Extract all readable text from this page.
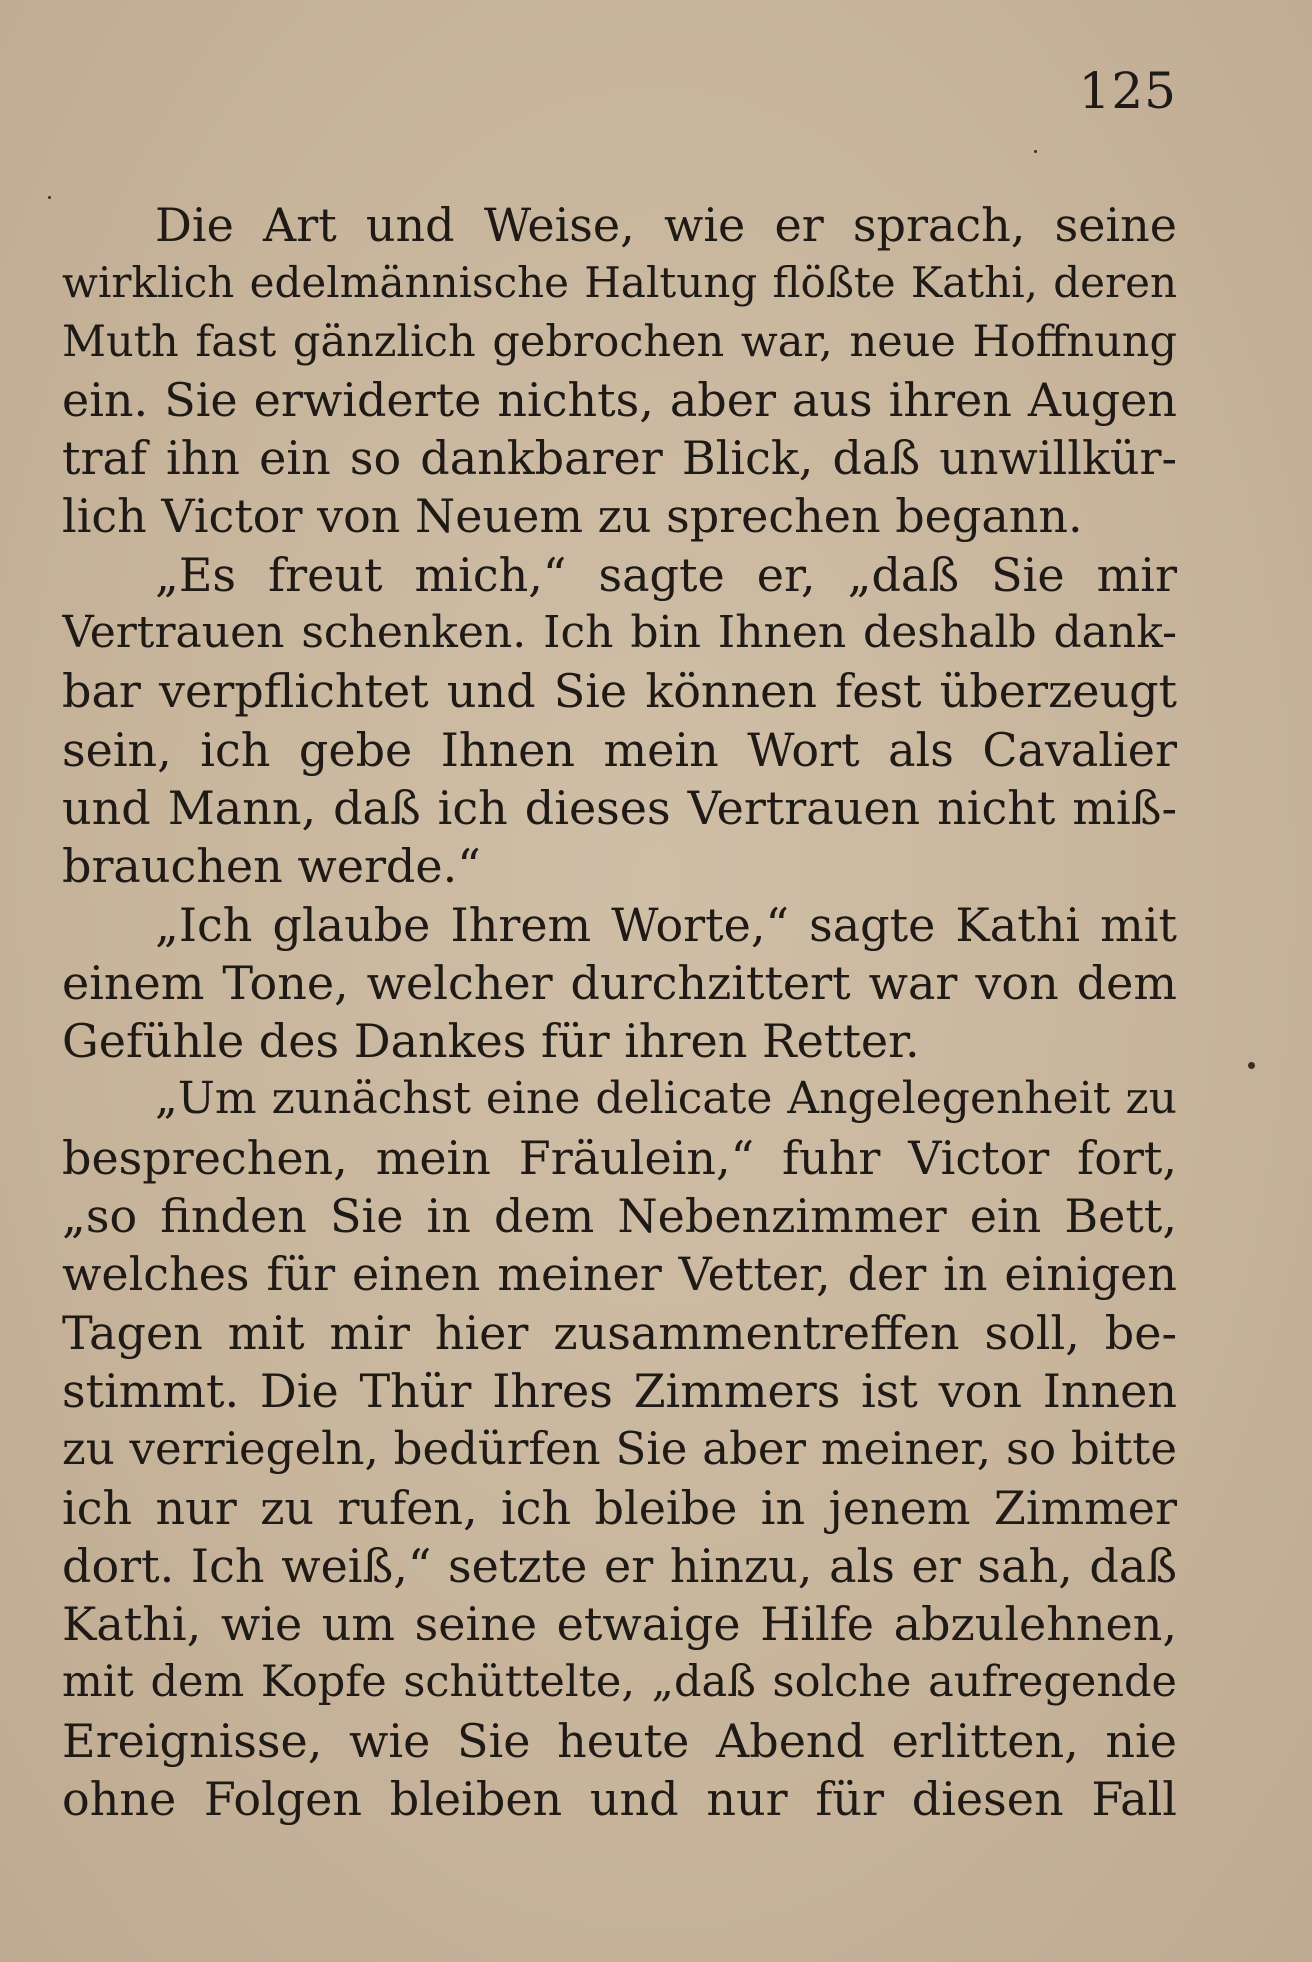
125
Die Art und Weise, wie er sprach, seine
wirklich edelmännische Haltung flößte Kathi, deren
Muth fast gänzlich gebrochen war, neue Hoffnung
ein. Sie erwiderte nichts, aber aus ihren Augen
traf ihn ein so dankbarer Blick, daß unwillkür-
lich Victor von Neuem zu sprechen begann.
„Es freut mich,“ sagte er, „daß Sie mir
Vertrauen schenken. Ich bin Ihnen deshalb dank-
bar verpflichtet und Sie können fest überzeugt
sein, ich gebe Ihnen mein Wort als Cavalier
und Mann, daß ich dieses Vertrauen nicht miß-
brauchen werde.“
„Ich glaube Ihrem Worte,“ sagte Kathi mit
einem Tone, welcher durchzittert war von dem
Gefühle des Dankes für ihren Retter.
„Um zunächst eine delicate Angelegenheit zu
besprechen, mein Fräulein,“ fuhr Victor fort,
„so finden Sie in dem Nebenzimmer ein Bett,
welches für einen meiner Vetter, der in einigen
Tagen mit mir hier zusammentreffen soll, be-
stimmt. Die Thür Ihres Zimmers ist von Innen
zu verriegeln, bedürfen Sie aber meiner, so bitte
ich nur zu rufen, ich bleibe in jenem Zimmer
dort. Ich weiß,“ setzte er hinzu, als er sah, daß
Kathi, wie um seine etwaige Hilfe abzulehnen,
mit dem Kopfe schüttelte, „daß solche aufregende
Ereignisse, wie Sie heute Abend erlitten, nie
ohne Folgen bleiben und nur für diesen Fall
